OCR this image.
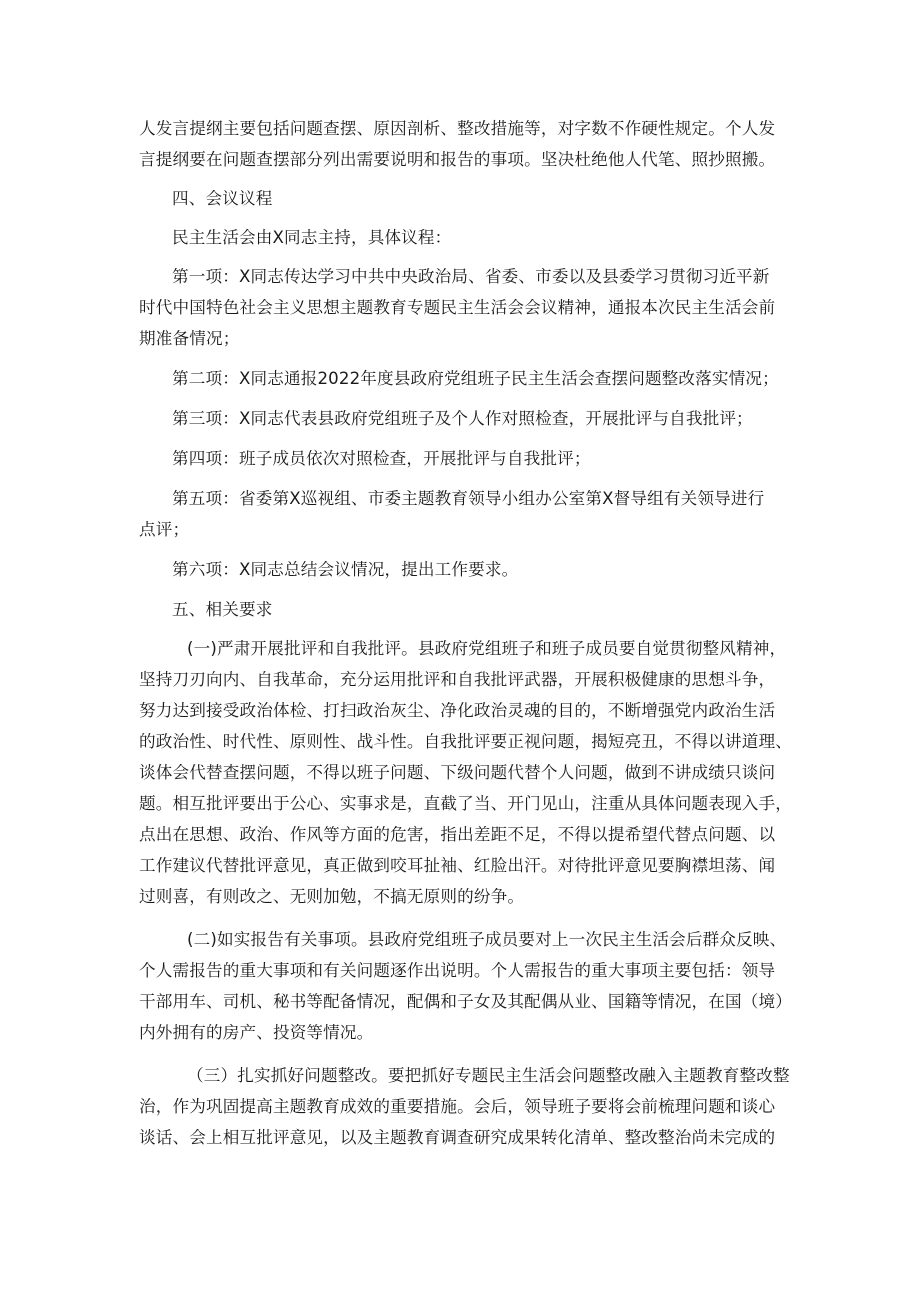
人发言提纲主要包括问题查摆、原因剖析、整改措施等，对字数不作硬性规定。个人发
言提纲要在问题查摆部分列出需要说明和报告的事项。坚决杜绝他人代笔、照抄照搬。

四、会议议程

民主生活会由X同志主持，具体议程：

第一项：X同志传达学习中共中央政治局、省委、市委以及县委学习贯彻习近平新
时代中国特色社会主义思想主题教育专题民主生活会会议精神，通报本次民主生活会前
期准备情况；

第二项：X同志通报2022年度县政府党组班子民主生活会查摆问题整改落实情况；

第三项：X同志代表县政府党组班子及个人作对照检查，开展批评与自我批评；

第四项：班子成员依次对照检查，开展批评与自我批评；

第五项：省委第X巡视组、市委主题教育领导小组办公室第X督导组有关领导进行
点评；

第六项：X同志总结会议情况，提出工作要求。

五、相关要求

(一)严肃开展批评和自我批评。县政府党组班子和班子成员要自觉贯彻整风精神，
坚持刀刃向内、自我革命，充分运用批评和自我批评武器，开展积极健康的思想斗争，
努力达到接受政治体检、打扫政治灰尘、净化政治灵魂的目的，不断增强党内政治生活
的政治性、时代性、原则性、战斗性。自我批评要正视问题，揭短亮丑，不得以讲道理、
谈体会代替查摆问题，不得以班子问题、下级问题代替个人问题，做到不讲成绩只谈问
题。相互批评要出于公心、实事求是，直截了当、开门见山，注重从具体问题表现入手，
点出在思想、政治、作风等方面的危害，指出差距不足，不得以提希望代替点问题、以
工作建议代替批评意见，真正做到咬耳扯袖、红脸出汗。对待批评意见要胸襟坦荡、闻
过则喜，有则改之、无则加勉，不搞无原则的纷争。

(二)如实报告有关事项。县政府党组班子成员要对上一次民主生活会后群众反映、
个人需报告的重大事项和有关问题逐作出说明。个人需报告的重大事项主要包括：领导
干部用车、司机、秘书等配备情况，配偶和子女及其配偶从业、国籍等情况，在国（境）
内外拥有的房产、投资等情况。

（三）扎实抓好问题整改。要把抓好专题民主生活会问题整改融入主题教育整改整
治，作为巩固提高主题教育成效的重要措施。会后，领导班子要将会前梳理问题和谈心
谈话、会上相互批评意见，以及主题教育调查研究成果转化清单、整改整治尚未完成的
